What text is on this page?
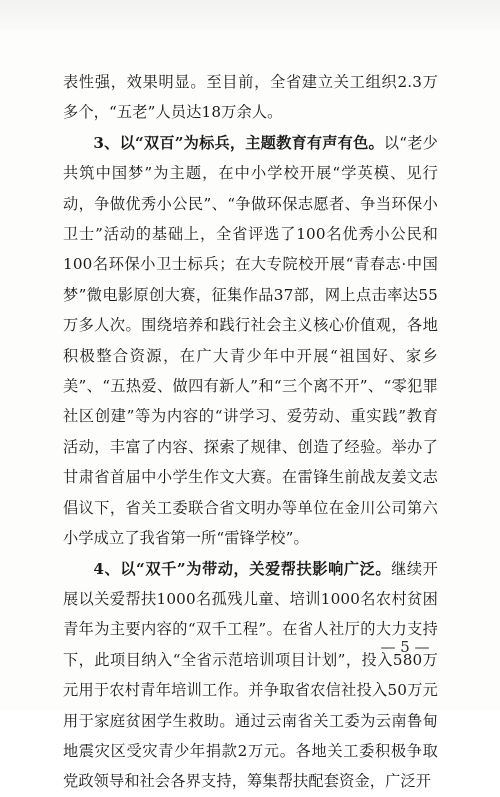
表性强，效果明显。至目前，全省建立关工组织2.3万多个，“五老”人员达18万余人。

3、以“双百”为标兵，主题教育有声有色。以“老少共筑中国梦”为主题，在中小学校开展“学英模、见行动，争做优秀小公民”、“争做环保志愿者、争当环保小卫士”活动的基础上，全省评选了100名优秀小公民和100名环保小卫士标兵；在大专院校开展“青春志·中国梦”微电影原创大赛，征集作品37部，网上点击率达55万多人次。围绕培养和践行社会主义核心价值观，各地积极整合资源，在广大青少年中开展“祖国好、家乡美”、“五热爱、做四有新人”和“三个离不开”、“零犯罪社区创建”等为内容的“讲学习、爱劳动、重实践”教育活动，丰富了内容、探索了规律、创造了经验。举办了甘肃省首届中小学生作文大赛。在雷锋生前战友姜文志倡议下，省关工委联合省文明办等单位在金川公司第六小学成立了我省第一所“雷锋学校”。

4、以“双千”为带动，关爱帮扶影响广泛。继续开展以关爱帮扶1000名孤残儿童、培训1000名农村贫困青年为主要内容的“双千工程”。在省人社厅的大力支持下，此项目纳入“全省示范培训项目计划”，投入580万元用于农村青年培训工作。并争取省农信社投入50万元用于家庭贫困学生救助。通过云南省关工委为云南鲁甸地震灾区受灾青少年捐款2万元。各地关工委积极争取党政领导和社会各界支持，筹集帮扶配套资金，广泛开

— 5 —
